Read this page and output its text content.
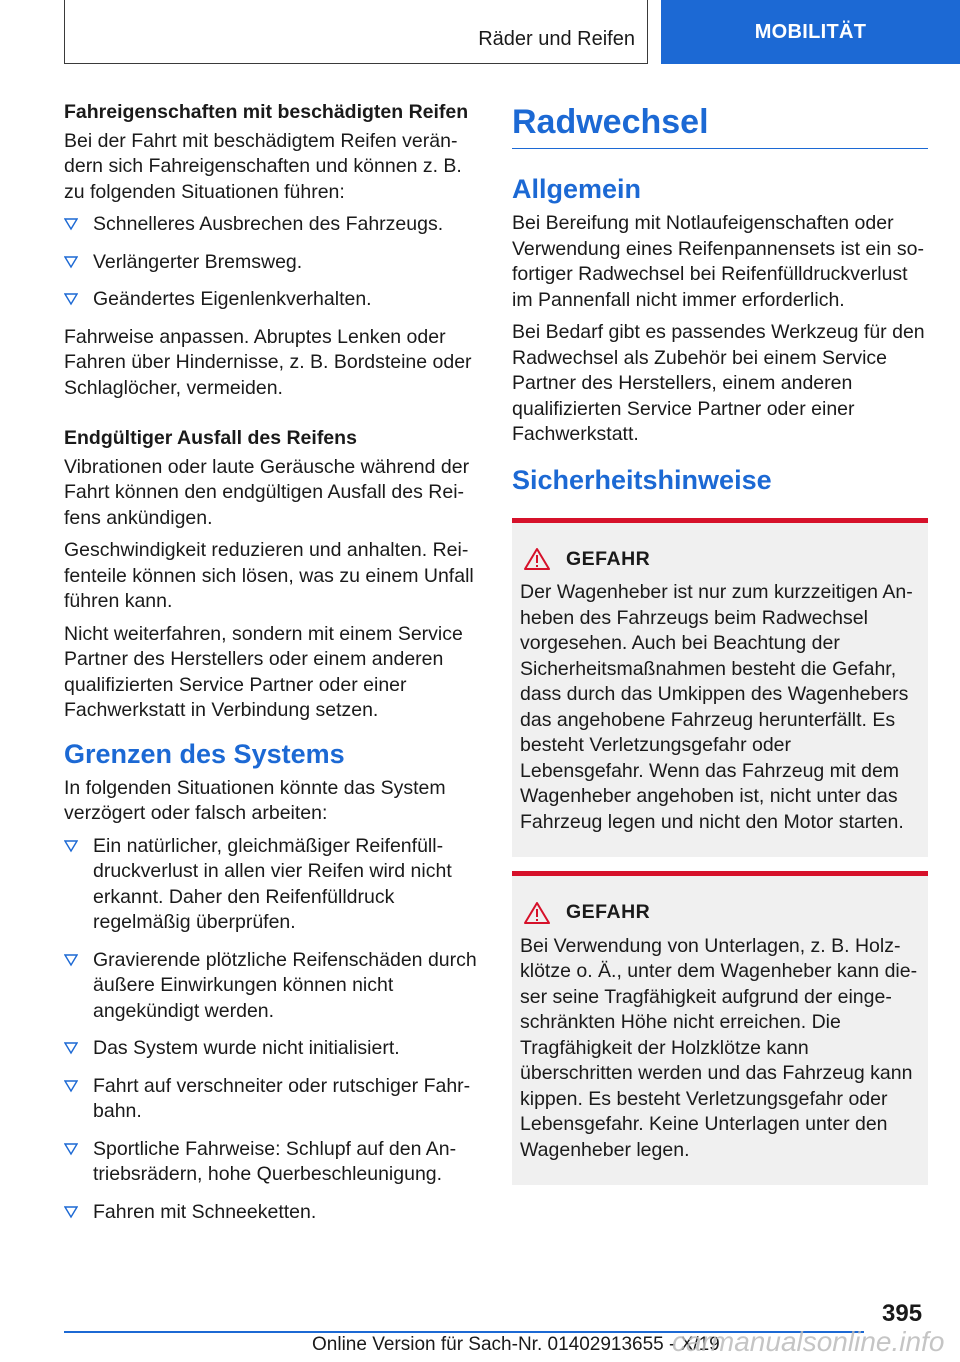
Räder und Reifen	MOBILITÄT
Fahreigenschaften mit beschädigten Reifen

Bei der Fahrt mit beschädigtem Reifen verändern sich Fahreigenschaften und können z. B. zu folgenden Situationen führen:

Schnelleres Ausbrechen des Fahrzeugs.
Verlängerter Bremsweg.
Geändertes Eigenlenkverhalten.

Fahrweise anpassen. Abruptes Lenken oder Fahren über Hindernisse, z. B. Bordsteine oder Schlaglöcher, vermeiden.

Endgültiger Ausfall des Reifens

Vibrationen oder laute Geräusche während der Fahrt können den endgültigen Ausfall des Reifens ankündigen.

Geschwindigkeit reduzieren und anhalten. Reifenteile können sich lösen, was zu einem Unfall führen kann.

Nicht weiterfahren, sondern mit einem Service Partner des Herstellers oder einem anderen qualifizierten Service Partner oder einer Fachwerkstatt in Verbindung setzen.

Grenzen des Systems

In folgenden Situationen könnte das System verzögert oder falsch arbeiten:

Ein natürlicher, gleichmäßiger Reifenfülldruckverlust in allen vier Reifen wird nicht erkannt. Daher den Reifenfülldruck regelmäßig überprüfen.
Gravierende plötzliche Reifenschäden durch äußere Einwirkungen können nicht angekündigt werden.
Das System wurde nicht initialisiert.
Fahrt auf verschneiter oder rutschiger Fahrbahn.
Sportliche Fahrweise: Schlupf auf den Antriebsrädern, hohe Querbeschleunigung.
Fahren mit Schneeketten.
Radwechsel
Allgemein

Bei Bereifung mit Notlaufeigenschaften oder Verwendung eines Reifenpannensets ist ein sofortiger Radwechsel bei Reifenfülldruckverlust im Pannenfall nicht immer erforderlich.

Bei Bedarf gibt es passendes Werkzeug für den Radwechsel als Zubehör bei einem Service Partner des Herstellers, einem anderen qualifizierten Service Partner oder einer Fachwerkstatt.

Sicherheitshinweise
GEFAHR

Der Wagenheber ist nur zum kurzzeitigen Anheben des Fahrzeugs beim Radwechsel vorgesehen. Auch bei Beachtung der Sicherheitsmaßnahmen besteht die Gefahr, dass durch das Umkippen des Wagenhebers das angehobene Fahrzeug herunterfällt. Es besteht Verletzungsgefahr oder Lebensgefahr. Wenn das Fahrzeug mit dem Wagenheber angehoben ist, nicht unter das Fahrzeug legen und nicht den Motor starten.

GEFAHR

Bei Verwendung von Unterlagen, z. B. Holzklötze o. Ä., unter dem Wagenheber kann dieser seine Tragfähigkeit aufgrund der eingeschränkten Höhe nicht erreichen. Die Tragfähigkeit der Holzklötze kann überschritten werden und das Fahrzeug kann kippen. Es besteht Verletzungsgefahr oder Lebensgefahr. Keine Unterlagen unter den Wagenheber legen.

395
Online Version für Sach-Nr. 01402913655 - X/19
carmanualsonline.info
